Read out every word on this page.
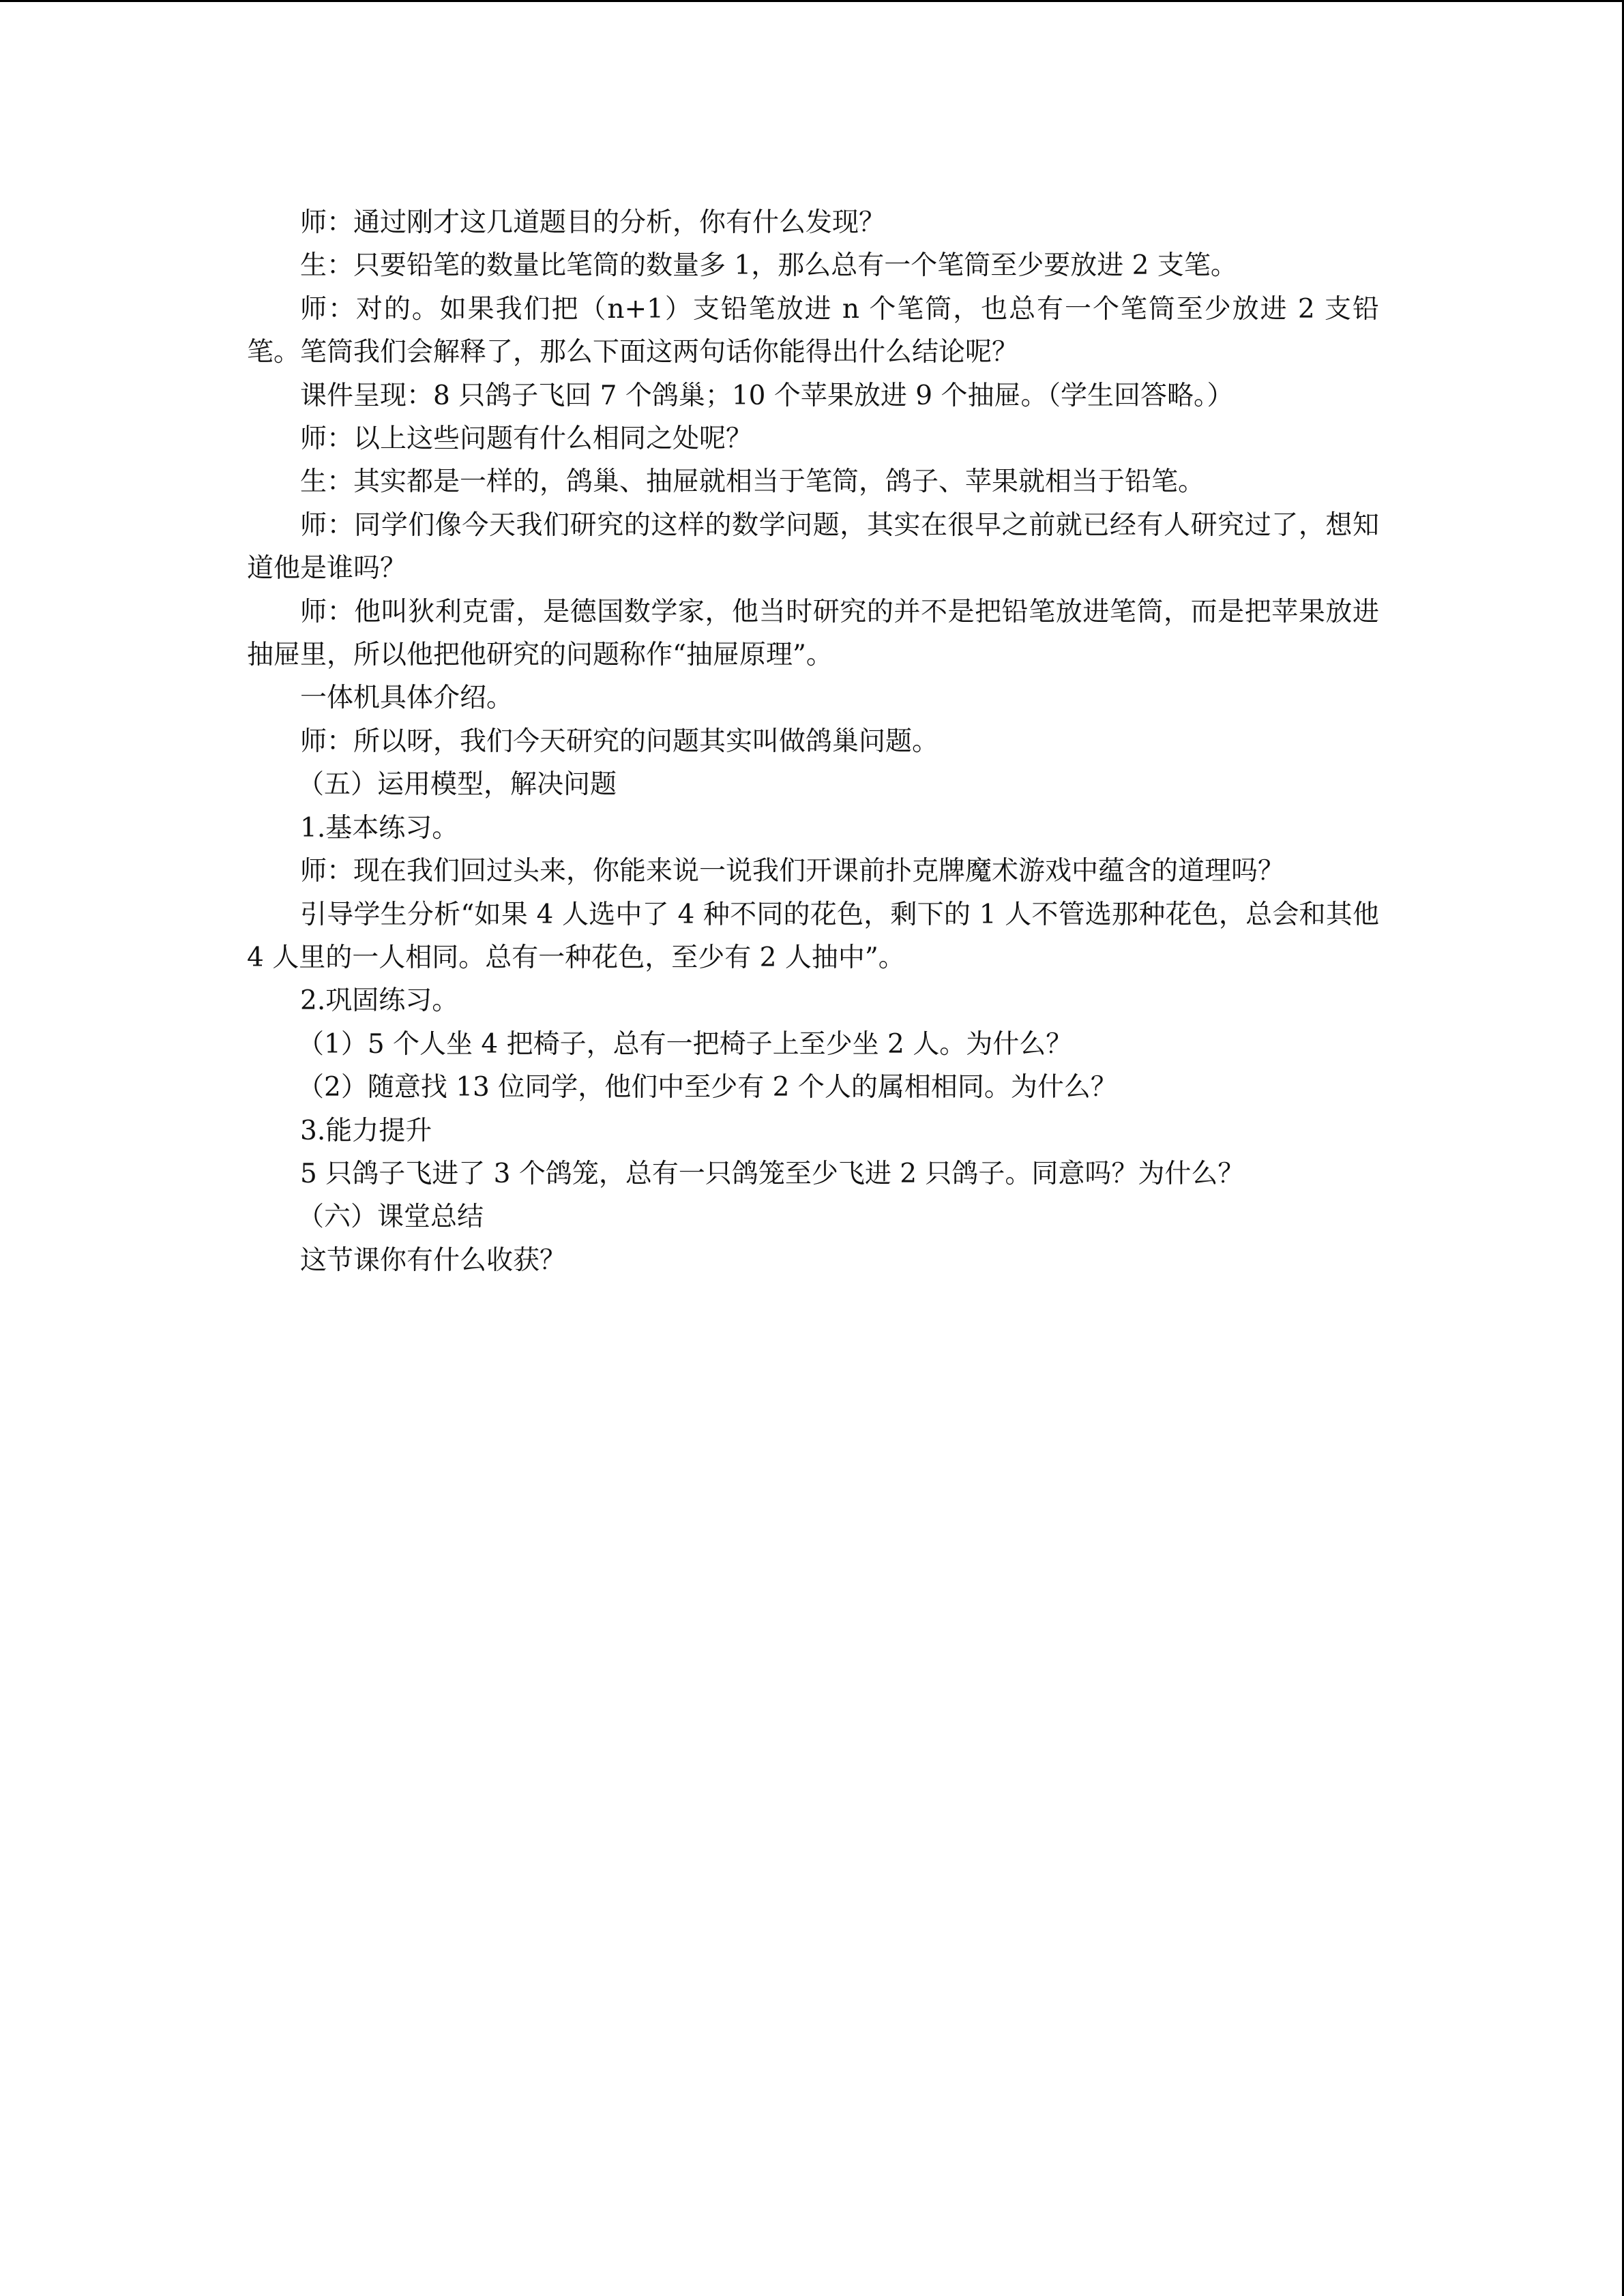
师：通过刚才这几道题目的分析，你有什么发现？

生：只要铅笔的数量比笔筒的数量多 1，那么总有一个笔筒至少要放进 2 支笔。

师：对的。如果我们把（n+1）支铅笔放进 n 个笔筒，也总有一个笔筒至少放进 2 支铅笔。笔筒我们会解释了，那么下面这两句话你能得出什么结论呢？

课件呈现：8 只鸽子飞回 7 个鸽巢；10 个苹果放进 9 个抽屉。（学生回答略。）

师：以上这些问题有什么相同之处呢？

生：其实都是一样的，鸽巢、抽屉就相当于笔筒，鸽子、苹果就相当于铅笔。

师：同学们像今天我们研究的这样的数学问题，其实在很早之前就已经有人研究过了，想知道他是谁吗？

师：他叫狄利克雷，是德国数学家，他当时研究的并不是把铅笔放进笔筒，而是把苹果放进抽屉里，所以他把他研究的问题称作“抽屉原理”。

一体机具体介绍。

师：所以呀，我们今天研究的问题其实叫做鸽巢问题。

（五）运用模型，解决问题

1.基本练习。

师：现在我们回过头来，你能来说一说我们开课前扑克牌魔术游戏中蕴含的道理吗？

引导学生分析“如果 4 人选中了 4 种不同的花色，剩下的 1 人不管选那种花色，总会和其他 4 人里的一人相同。总有一种花色，至少有 2 人抽中”。

2.巩固练习。

（1）5 个人坐 4 把椅子，总有一把椅子上至少坐 2 人。为什么？

（2）随意找 13 位同学，他们中至少有 2 个人的属相相同。为什么？

3.能力提升

5 只鸽子飞进了 3 个鸽笼，总有一只鸽笼至少飞进 2 只鸽子。同意吗？为什么？

（六）课堂总结

这节课你有什么收获？
